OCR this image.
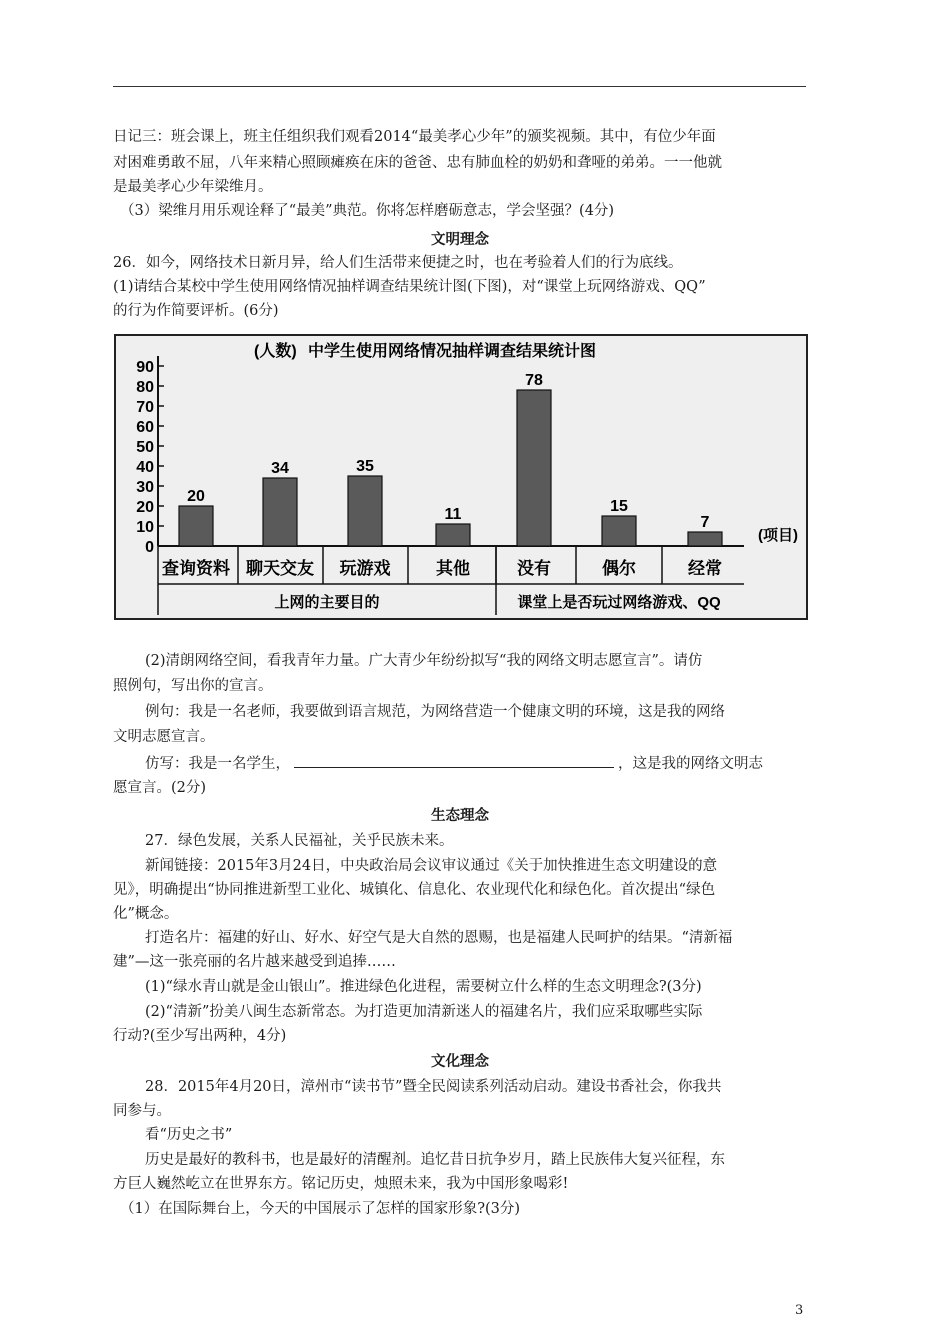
日记三：班会课上，班主任组织我们观看2014“最美孝心少年”的颁奖视频。其中，有位少年面
对困难勇敢不屈，八年来精心照顾瘫痪在床的爸爸、忠有肺血栓的奶奶和聋哑的弟弟。一一他就
是最美孝心少年梁维月。
（3）梁维月用乐观诠释了“最美”典范。你将怎样磨砺意志，学会坚强？(4分)
文明理念
26．如今，网络技术日新月异，给人们生活带来便捷之时，也在考验着人们的行为底线。
(1)请结合某校中学生使用网络情况抽样调查结果统计图(下图)，对“课堂上玩网络游戏、QQ”
的行为作简要评析。(6分)
(人数) 中学生使用网络情况抽样调查结果统计图
0
10
20
30
40
50
60
70
80
90
20
34	35
11
78
15
7
(项目)
查询资料 聊天交友 玩游戏	其他	没有	偶尔	经常
上网的主要目的	课堂上是否玩过网络游戏、QQ
(2)清朗网络空间，看我青年力量。广大青少年纷纷拟写“我的网络文明志愿宣言”。请仿
照例句，写出你的宣言。
例句：我是一名老师，我要做到语言规范，为网络营造一个健康文明的环境，这是我的网络
文明志愿宣言。
仿写：我是一名学生，	，这是我的网络文明志
愿宣言。(2分)
生态理念
27．绿色发展，关系人民福祉，关乎民族未来。
新闻链接：2015年3月24日，中央政治局会议审议通过《关于加快推进生态文明建设的意
见》，明确提出“协同推进新型工业化、城镇化、信息化、农业现代化和绿色化。首次提出“绿色
化”概念。
打造名片：福建的好山、好水、好空气是大自然的恩赐，也是福建人民呵护的结果。“清新福
建”—这一张亮丽的名片越来越受到追捧……
(1)“绿水青山就是金山银山”。推进绿色化进程，需要树立什么样的生态文明理念?(3分)
(2)“清新”扮美八闽生态新常态。为打造更加清新迷人的福建名片，我们应采取哪些实际
行动?(至少写出两种，4分)
文化理念
28．2015年4月20日，漳州市“读书节”暨全民阅读系列活动启动。建设书香社会，你我共
同参与。
看“历史之书”
历史是最好的教科书，也是最好的清醒剂。追忆昔日抗争岁月，踏上民族伟大复兴征程，东
方巨人巍然屹立在世界东方。铭记历史，烛照未来，我为中国形象喝彩!
（1）在国际舞台上，今天的中国展示了怎样的国家形象?(3分)
3
